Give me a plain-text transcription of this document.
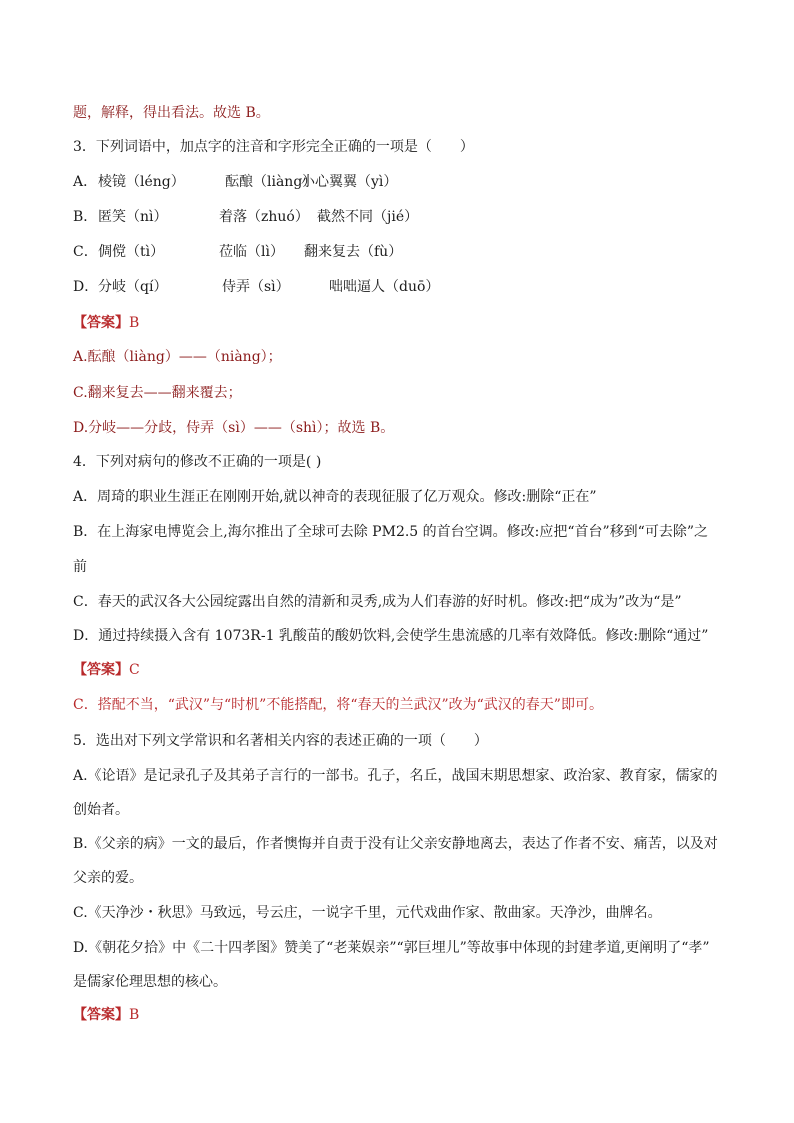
题，解释，得出看法。故选 B。
3．下列词语中，加点字的注音和字形完全正确的一项是（　　）
A．棱镜（léng）	酝酿（liàng）小心翼翼（yì）
B．匿笑（nì）	着落（zhuó） 截然不同（jié）
C．倜傥（tì）	莅临（lì） 翻来复去（fù）
D．分岐（qí）	侍弄（sì）	咄咄逼人（duō）
【答案】B
A.酝酿（liàng）——（niàng）；
C.翻来复去——翻来覆去；
D.分岐——分歧，侍弄（sì）——（shì）；故选 B。
4．下列对病句的修改不正确的一项是( )
A．周琦的职业生涯正在刚刚开始,就以神奇的表现征服了亿万观众。修改:删除“正在”
B．在上海家电博览会上,海尔推出了全球可去除 PM2.5 的首台空调。修改:应把“首台”移到“可去除”之
前
C．春天的武汉各大公园绽露出自然的清新和灵秀,成为人们春游的好时机。修改:把“成为”改为“是”
D．通过持续摄入含有 1073R-1 乳酸苗的酸奶饮料,会使学生患流感的几率有效降低。修改:删除“通过”
【答案】C
C．搭配不当，“武汉”与“时机”不能搭配，将“春天的兰武汉”改为“武汉的春天”即可。
5．选出对下列文学常识和名著相关内容的表述正确的一项（　　）
A.《论语》是记录孔子及其弟子言行的一部书。孔子，名丘，战国末期思想家、政治家、教育家，儒家的
创始者。
B.《父亲的病》一文的最后，作者懊悔并自责于没有让父亲安静地离去，表达了作者不安、痛苦，以及对
父亲的爱。
C.《天净沙・秋思》马致远，号云庄，一说字千里，元代戏曲作家、散曲家。天净沙，曲牌名。
D.《朝花夕拾》中《二十四孝图》赞美了“老莱娱亲”“郭巨埋儿”等故事中体现的封建孝道,更阐明了“孝”
是儒家伦理思想的核心。
【答案】B
